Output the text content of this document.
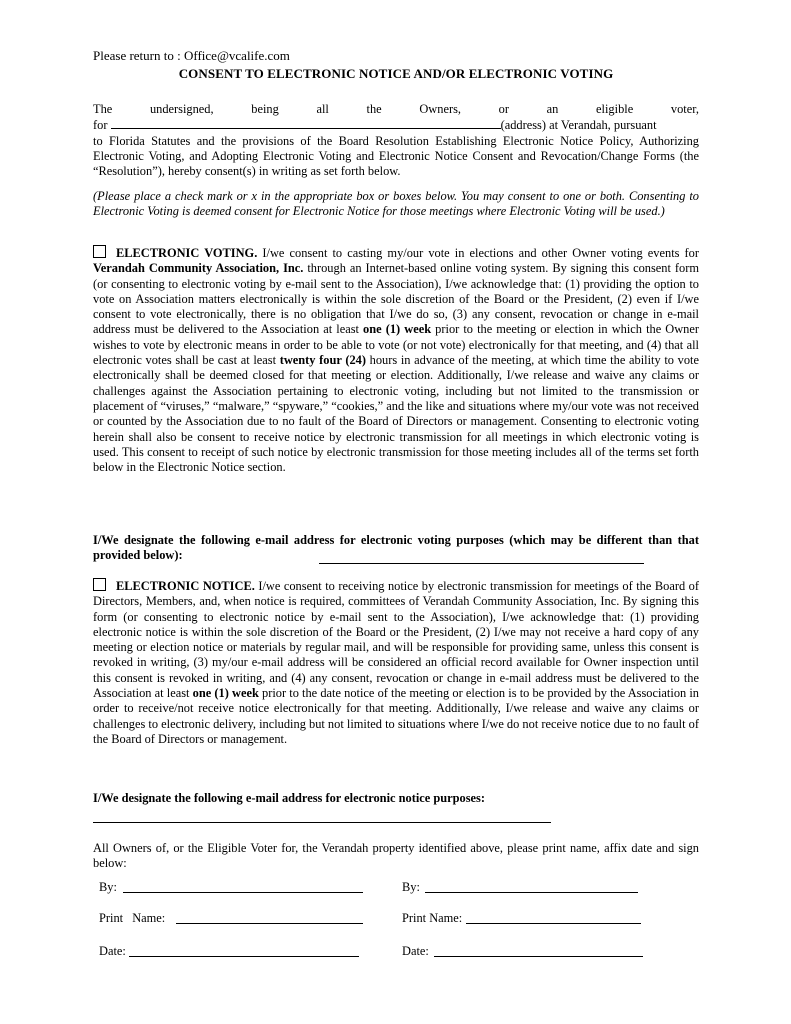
Please return to : Office@vcalife.com
CONSENT TO ELECTRONIC NOTICE AND/OR ELECTRONIC VOTING
The	undersigned,	being	all	the	Owners,	or	an	eligible	voter,
for	(address) at Verandah, pursuant
to Florida Statutes and the provisions of the Board Resolution Establishing Electronic Notice Policy, Authorizing Electronic Voting, and Adopting Electronic Voting and Electronic Notice Consent and Revocation/Change Forms (the “Resolution”), hereby consent(s) in writing as set forth below.
(Please place a check mark or x in the appropriate box or boxes below. You may consent to one or both. Consenting to Electronic Voting is deemed consent for Electronic Notice for those meetings where Electronic Voting will be used.)
ELECTRONIC VOTING. I/we consent to casting my/our vote in elections and other Owner voting events for Verandah Community Association, Inc. through an Internet-based online voting system. By signing this consent form (or consenting to electronic voting by e-mail sent to the Association), I/we acknowledge that: (1) providing the option to vote on Association matters electronically is within the sole discretion of the Board or the President, (2) even if I/we consent to vote electronically, there is no obligation that I/we do so, (3) any consent, revocation or change in e-mail address must be delivered to the Association at least one (1) week prior to the meeting or election in which the Owner wishes to vote by electronic means in order to be able to vote (or not vote) electronically for that meeting, and (4) that all electronic votes shall be cast at least twenty four (24) hours in advance of the meeting, at which time the ability to vote electronically shall be deemed closed for that meeting or election. Additionally, I/we release and waive any claims or challenges against the Association pertaining to electronic voting, including but not limited to the transmission or placement of “viruses,” “malware,” “spyware,” “cookies,” and the like and situations where my/our vote was not received or counted by the Association due to no fault of the Board of Directors or management. Consenting to electronic voting herein shall also be consent to receive notice by electronic transmission for all meetings in which electronic voting is used. This consent to receipt of such notice by electronic transmission for those meeting includes all of the terms set forth below in the Electronic Notice section.
I/We designate the following e-mail address for electronic voting purposes (which may be different than that provided below):
ELECTRONIC NOTICE. I/we consent to receiving notice by electronic transmission for meetings of the Board of Directors, Members, and, when notice is required, committees of Verandah Community Association, Inc. By signing this form (or consenting to electronic notice by e-mail sent to the Association), I/we acknowledge that: (1) providing electronic notice is within the sole discretion of the Board or the President, (2) I/we may not receive a hard copy of any meeting or election notice or materials by regular mail, and will be responsible for providing same, unless this consent is revoked in writing, (3) my/our e-mail address will be considered an official record available for Owner inspection until this consent is revoked in writing, and (4) any consent, revocation or change in e-mail address must be delivered to the Association at least one (1) week prior to the date notice of the meeting or election is to be provided by the Association in order to receive/not receive notice electronically for that meeting. Additionally, I/we release and waive any claims or challenges to electronic delivery, including but not limited to situations where I/we do not receive notice due to no fault of the Board of Directors or management.
I/We designate the following e-mail address for electronic notice purposes:
All Owners of, or the Eligible Voter for, the Verandah property identified above, please print name, affix date and sign below:
By:	By:
Print Name:	Print Name:
Date:	Date:
